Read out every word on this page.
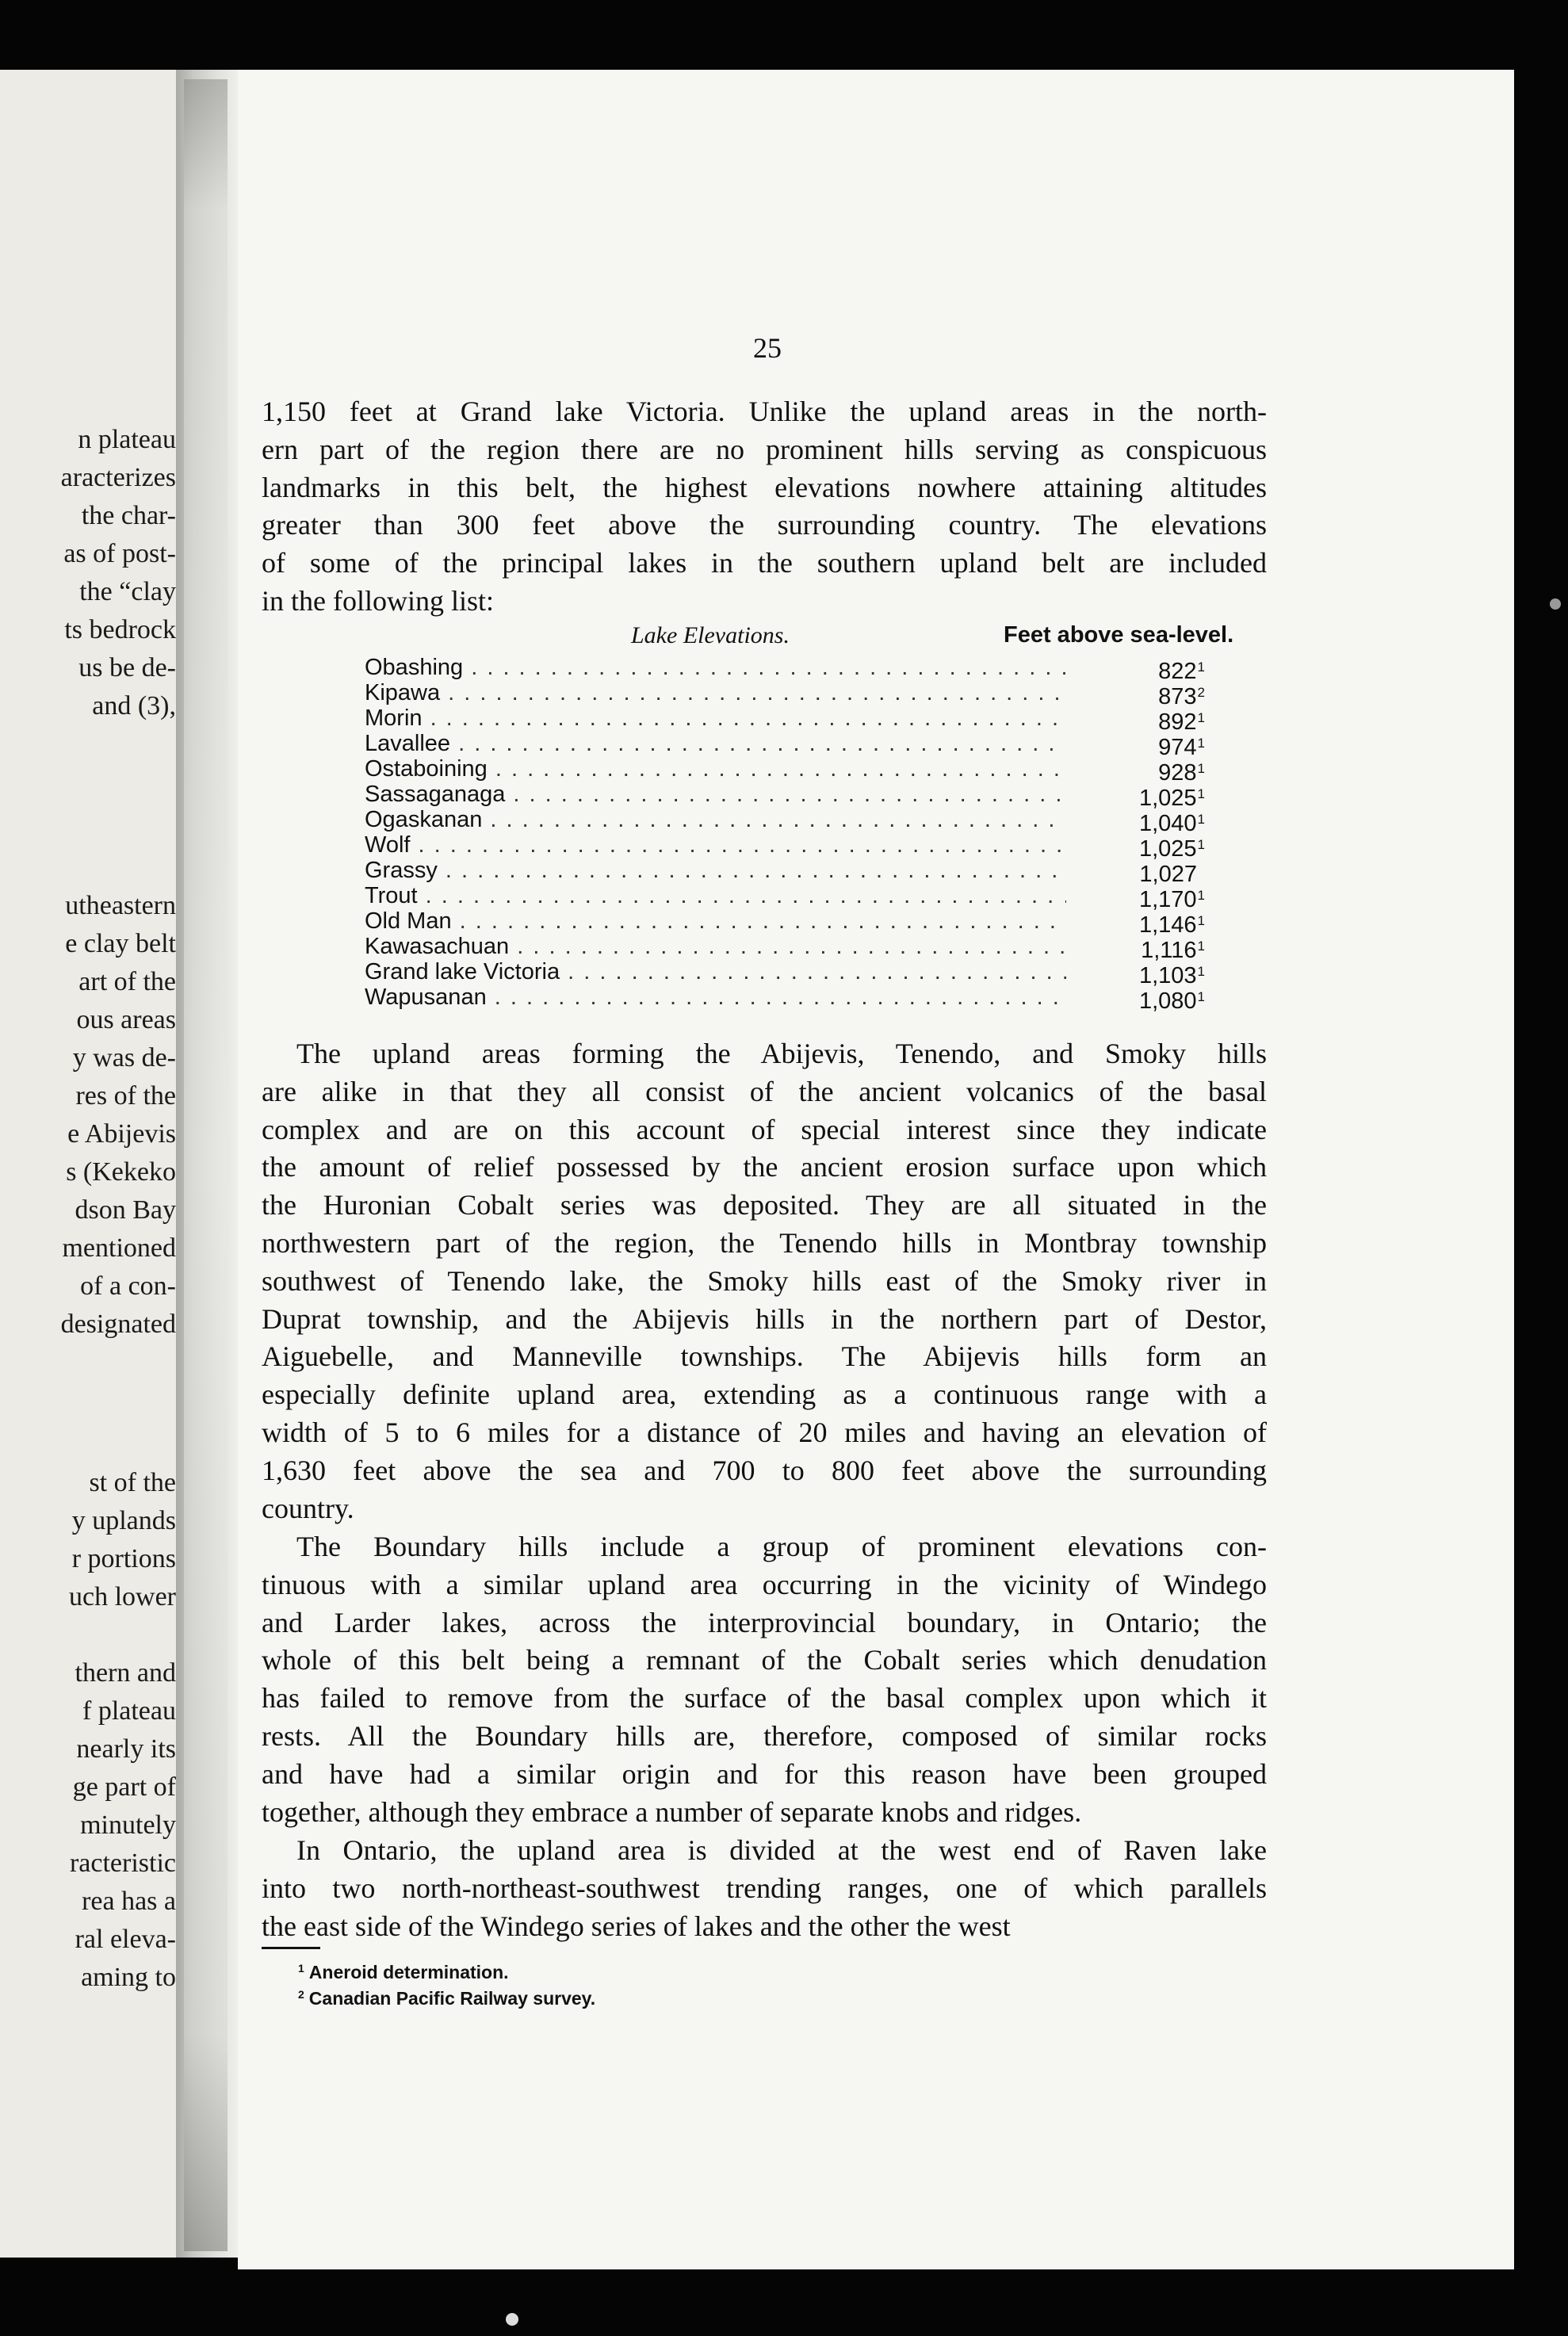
n plateau
aracterizes
the char-
as of post-
the “clay
ts bedrock
us be de-
and (3),
utheastern
e clay belt
art of the
ous areas
y was de-
res of the
e Abijevis
s (Kekeko
dson Bay
mentioned
of a con-
designated
st of the
y uplands
r portions
uch lower
thern and
f plateau
nearly its
ge part of
minutely
racteristic
rea has a
ral eleva-
aming to
25
1,150 feet at Grand lake Victoria. Unlike the upland areas in the north-
ern part of the region there are no prominent hills serving as conspicuous
landmarks in this belt, the highest elevations nowhere attaining altitudes
greater than 300 feet above the surrounding country. The elevations
of some of the principal lakes in the southern upland belt are included
in the following list:
Lake Elevations.	Feet above sea-level.
Obashing . . .	$822^1$
Kipawa . . .	$873^2$
Morin . . .	$892^1$
Lavallee . . .	$974^1$
Ostaboining . . .	$928^1$
Sassaganaga . . .	1,025$^1$
Ogaskanan . . .	1,040$^1$
Wolf . . .	1,025$^1$
Grassy . . .	1,027
Trout . . .	1,170$^1$
Old Man . . .	1,146$^1$
Kawasachuan . . .	1,116$^1$
Grand lake Victoria . . .	1,103$^1$
Wapusanan . . .	1,080$^1$
The upland areas forming the Abijevis, Tenendo, and Smoky hills
are alike in that they all consist of the ancient volcanics of the basal
complex and are on this account of special interest since they indicate
the amount of relief possessed by the ancient erosion surface upon which
the Huronian Cobalt series was deposited. They are all situated in the
northwestern part of the region, the Tenendo hills in Montbray township
southwest of Tenendo lake, the Smoky hills east of the Smoky river in
Duprat township, and the Abijevis hills in the northern part of Destor,
Aiguebelle, and Manneville townships. The Abijevis hills form an
especially definite upland area, extending as a continuous range with a
width of 5 to 6 miles for a distance of 20 miles and having an elevation of
1,630 feet above the sea and 700 to 800 feet above the surrounding
country.
The Boundary hills include a group of prominent elevations con-
tinuous with a similar upland area occurring in the vicinity of Windego
and Larder lakes, across the interprovincial boundary, in Ontario; the
whole of this belt being a remnant of the Cobalt series which denudation
has failed to remove from the surface of the basal complex upon which it
rests. All the Boundary hills are, therefore, composed of similar rocks
and have had a similar origin and for this reason have been grouped
together, although they embrace a number of separate knobs and ridges.
In Ontario, the upland area is divided at the west end of Raven lake
into two north-northeast-southwest trending ranges, one of which parallels
the east side of the Windego series of lakes and the other the west
$^1$ Aneroid determination.
$^2$ Canadian Pacific Railway survey.
